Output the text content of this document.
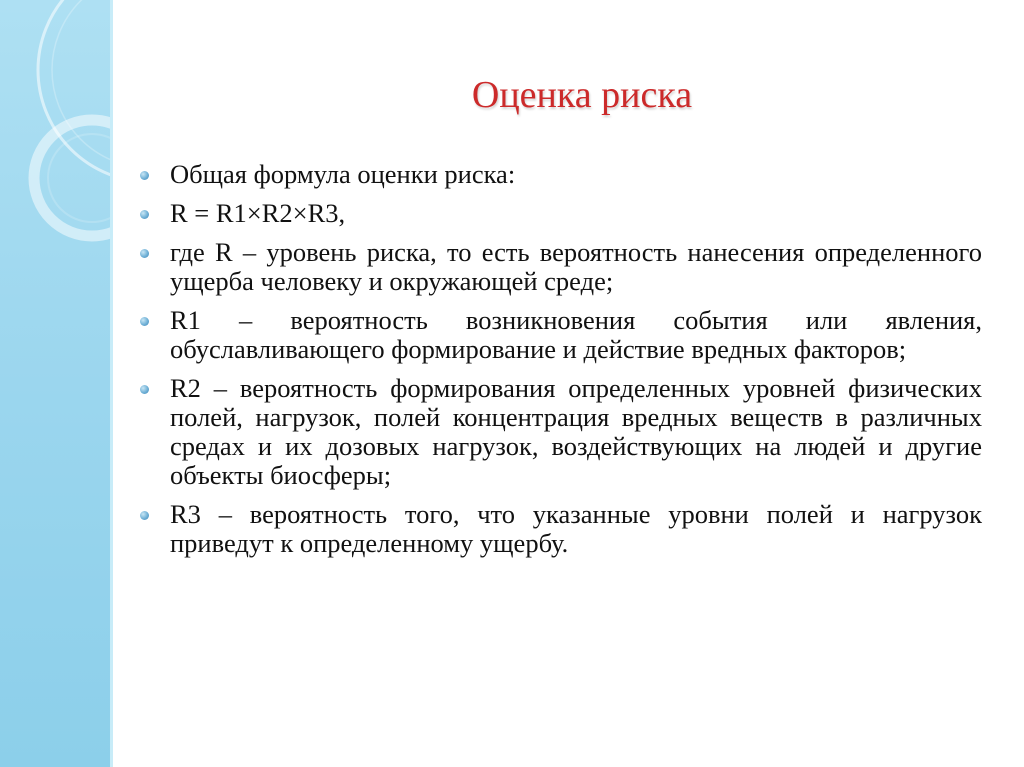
Оценка риска
Общая формула оценки риска:
R = R1×R2×R3,
где R – уровень риска, то есть вероятность нанесения определенного ущерба человеку и окружающей среде;
R1 – вероятность возникновения события или явления, обуславливающего формирование и действие вредных факторов;
R2 – вероятность формирования определенных уровней физических полей, нагрузок, полей концентрация вредных веществ в различных средах и их дозовых нагрузок, воздействующих на людей и другие объекты биосферы;
R3 – вероятность того, что указанные уровни полей и нагрузок приведут к определенному ущербу.
